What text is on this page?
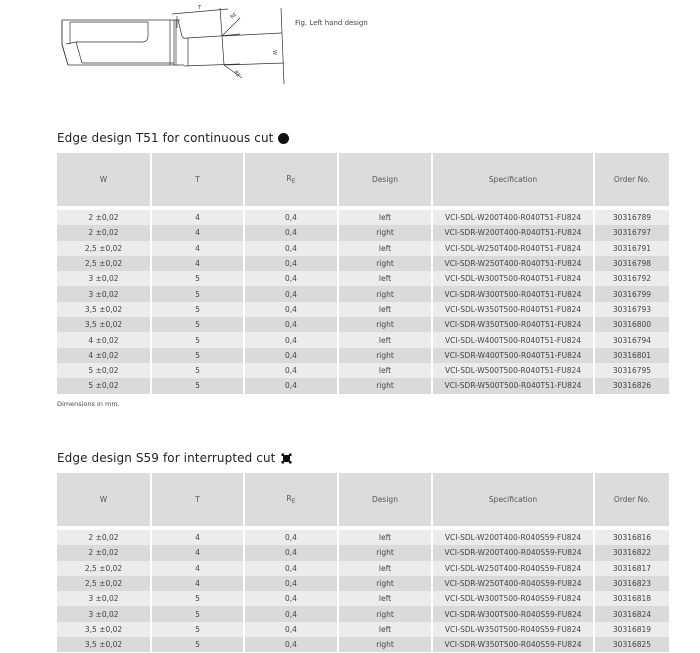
T
RE
RE
W
Fig. Left hand design
Edge design T51 for continuous cut
W	T	$R_E$	Design	Specification	Order No.
2 ±0,02	4	0,4	left	VCI-SDL-W200T400-R040T51-FU824	30316789
2 ±0,02	4	0,4	right	VCI-SDR-W200T400-R040T51-FU824	30316797
2,5 ±0,02	4	0,4	left	VCI-SDL-W250T400-R040T51-FU824	30316791
2,5 ±0,02	4	0,4	right	VCI-SDR-W250T400-R040T51-FU824	30316798
3 ±0,02	5	0,4	left	VCI-SDL-W300T500-R040T51-FU824	30316792
3 ±0,02	5	0,4	right	VCI-SDR-W300T500-R040T51-FU824	30316799
3,5 ±0,02	5	0,4	left	VCI-SDL-W350T500-R040T51-FU824	30316793
3,5 ±0,02	5	0,4	right	VCI-SDR-W350T500-R040T51-FU824	30316800
4 ±0,02	5	0,4	left	VCI-SDL-W400T500-R040T51-FU824	30316794
4 ±0,02	5	0,4	right	VCI-SDR-W400T500-R040T51-FU824	30316801
5 ±0,02	5	0,4	left	VCI-SDL-W500T500-R040T51-FU824	30316795
5 ±0,02	5	0,4	right	VCI-SDR-W500T500-R040T51-FU824	30316826
Dimensions in mm.
Edge design S59 for interrupted cut
W	T	$R_E$	Design	Specification	Order No.
2 ±0,02	4	0,4	left	VCI-SDL-W200T400-R040S59-FU824	30316816
2 ±0,02	4	0,4	right	VCI-SDR-W200T400-R040S59-FU824	30316822
2,5 ±0,02	4	0,4	left	VCI-SDL-W250T400-R040S59-FU824	30316817
2,5 ±0,02	4	0,4	right	VCI-SDR-W250T400-R040S59-FU824	30316823
3 ±0,02	5	0,4	left	VCI-SDL-W300T500-R040S59-FU824	30316818
3 ±0,02	5	0,4	right	VCI-SDR-W300T500-R040S59-FU824	30316824
3,5 ±0,02	5	0,4	left	VCI-SDL-W350T500-R040S59-FU824	30316819
3,5 ±0,02	5	0,4	right	VCI-SDR-W350T500-R040S59-FU824	30316825
